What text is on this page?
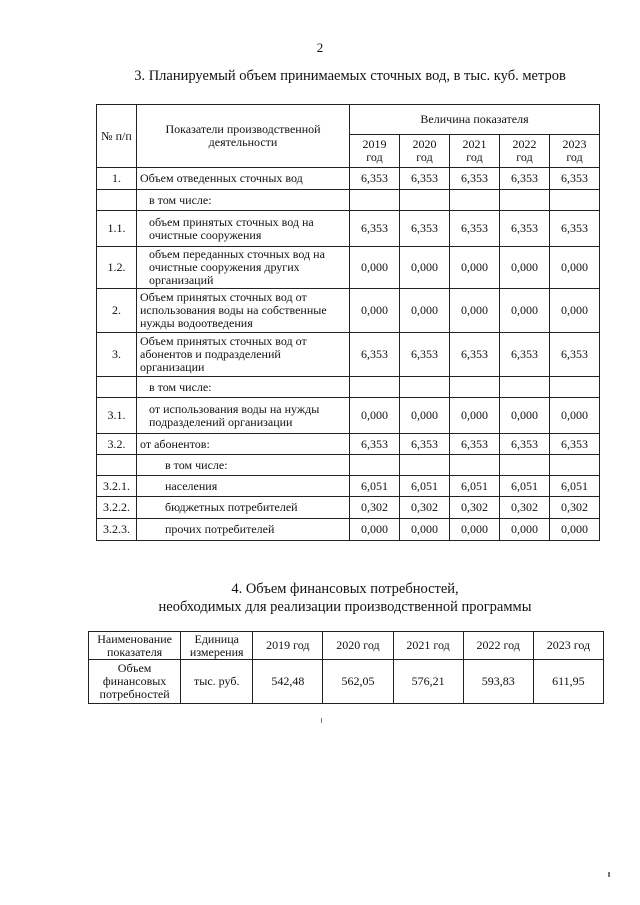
2
3. Планируемый объем принимаемых сточных вод, в тыс. куб. метров
№ п/п	Показатели производственной деятельности	Величина показателя				
		2019 год	2020 год	2021 год	2022 год	2023 год
1.	Объем отведенных сточных вод	6,353	6,353	6,353	6,353	6,353
	в том числе:					
1.1.	объем принятых сточных вод на очистные сооружения	6,353	6,353	6,353	6,353	6,353
1.2.	объем переданных сточных вод на очистные сооружения других организаций	0,000	0,000	0,000	0,000	0,000
2.	Объем принятых сточных вод от использования воды на собственные нужды водоотведения	0,000	0,000	0,000	0,000	0,000
3.	Объем принятых сточных вод от абонентов и подразделений организации	6,353	6,353	6,353	6,353	6,353
	в том числе:					
3.1.	от использования воды на нужды подразделений организации	0,000	0,000	0,000	0,000	0,000
3.2.	от абонентов:	6,353	6,353	6,353	6,353	6,353
	в том числе:					
3.2.1.	населения	6,051	6,051	6,051	6,051	6,051
3.2.2.	бюджетных потребителей	0,302	0,302	0,302	0,302	0,302
3.2.3.	прочих потребителей	0,000	0,000	0,000	0,000	0,000
4. Объем финансовых потребностей,
необходимых для реализации производственной программы
Наименование показателя	Единица измерения	2019 год	2020 год	2021 год	2022 год	2023 год
Объем финансовых потребностей	тыс. руб.	542,48	562,05	576,21	593,83	611,95
